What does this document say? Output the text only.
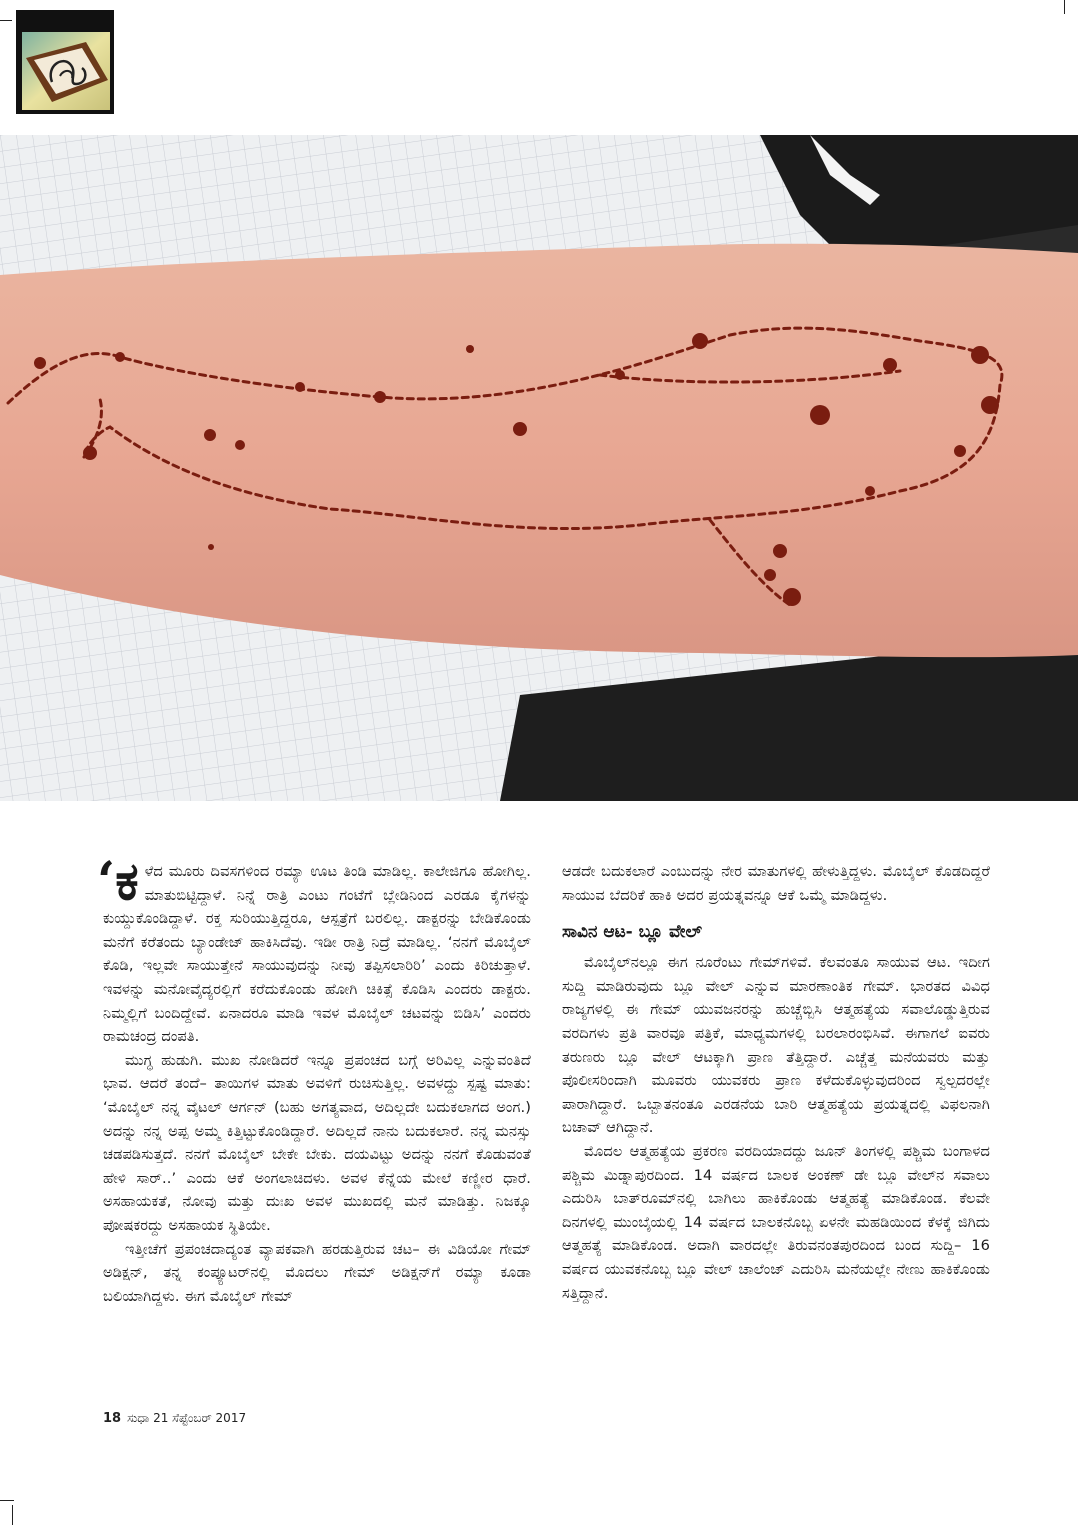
‘ಕಳೆದ ಮೂರು ದಿವಸಗಳಿಂದ ರಮ್ಯಾ ಊಟ ತಿಂಡಿ ಮಾಡಿಲ್ಲ. ಕಾಲೇಜಿಗೂ ಹೋಗಿಲ್ಲ. ಮಾತುಬಿಟ್ಟಿದ್ದಾಳೆ. ನಿನ್ನೆ ರಾತ್ರಿ ಎಂಟು ಗಂಟೆಗೆ ಬ್ಲೇಡಿನಿಂದ ಎರಡೂ ಕೈಗಳನ್ನು ಕುಯ್ದುಕೊಂಡಿದ್ದಾಳೆ. ರಕ್ತ ಸುರಿಯುತ್ತಿದ್ದರೂ, ಆಸ್ಪತ್ರೆಗೆ ಬರಲಿಲ್ಲ. ಡಾಕ್ಟರನ್ನು ಬೇಡಿಕೊಂಡು ಮನೆಗೆ ಕರೆತಂದು ಬ್ಯಾಂಡೇಜ್ ಹಾಕಿಸಿದೆವು. ಇಡೀ ರಾತ್ರಿ ನಿದ್ರೆ ಮಾಡಿಲ್ಲ. ‘ನನಗೆ ಮೊಬೈಲ್ ಕೊಡಿ, ಇಲ್ಲವೇ ಸಾಯುತ್ತೇನೆ ಸಾಯುವುದನ್ನು ನೀವು ತಪ್ಪಿಸಲಾರಿರಿ’ ಎಂದು ಕಿರಿಚುತ್ತಾಳೆ. ಇವಳನ್ನು ಮನೋವೈದ್ಯರಲ್ಲಿಗೆ ಕರೆದುಕೊಂಡು ಹೋಗಿ ಚಿಕಿತ್ಸೆ ಕೊಡಿಸಿ ಎಂದರು ಡಾಕ್ಟರು. ನಿಮ್ಮಲ್ಲಿಗೆ ಬಂದಿದ್ದೇವೆ. ಏನಾದರೂ ಮಾಡಿ ಇವಳ ಮೊಬೈಲ್ ಚಟವನ್ನು ಬಿಡಿಸಿ’ ಎಂದರು ರಾಮಚಂದ್ರ ದಂಪತಿ.

ಮುಗ್ಧ ಹುಡುಗಿ. ಮುಖ ನೋಡಿದರೆ ಇನ್ನೂ ಪ್ರಪಂಚದ ಬಗ್ಗೆ ಅರಿವಿಲ್ಲ ಎನ್ನುವಂತಿದೆ ಭಾವ. ಆದರೆ ತಂದೆ– ತಾಯಿಗಳ ಮಾತು ಅವಳಿಗೆ ರುಚಿಸುತ್ತಿಲ್ಲ. ಅವಳದ್ದು ಸ್ಪಷ್ಟ ಮಾತು: ‘ಮೊಬೈಲ್ ನನ್ನ ವೈಟಲ್ ಆರ್ಗನ್ (ಬಹು ಅಗತ್ಯವಾದ, ಅದಿಲ್ಲದೇ ಬದುಕಲಾಗದ ಅಂಗ.) ಅದನ್ನು ನನ್ನ ಅಪ್ಪ ಅಮ್ಮ ಕಿತ್ತಿಟ್ಟುಕೊಂಡಿದ್ದಾರೆ. ಅದಿಲ್ಲದೆ ನಾನು ಬದುಕಲಾರೆ. ನನ್ನ ಮನಸ್ಸು ಚಡಪಡಿಸುತ್ತದೆ. ನನಗೆ ಮೊಬೈಲ್ ಬೇಕೇ ಬೇಕು. ದಯವಿಟ್ಟು ಅದನ್ನು ನನಗೆ ಕೊಡುವಂತೆ ಹೇಳಿ ಸಾರ್..’ ಎಂದು ಆಕೆ ಅಂಗಲಾಚಿದಳು. ಅವಳ ಕೆನ್ನೆಯ ಮೇಲೆ ಕಣ್ಣೀರ ಧಾರೆ. ಅಸಹಾಯಕತೆ, ನೋವು ಮತ್ತು ದುಃಖ ಅವಳ ಮುಖದಲ್ಲಿ ಮನೆ ಮಾಡಿತ್ತು. ನಿಜಕ್ಕೂ ಪೋಷಕರದ್ದು ಅಸಹಾಯಕ ಸ್ಥಿತಿಯೇ.

ಇತ್ತೀಚೆಗೆ ಪ್ರಪಂಚದಾದ್ಯಂತ ವ್ಯಾಪಕವಾಗಿ ಹರಡುತ್ತಿರುವ ಚಟ– ಈ ವಿಡಿಯೋ ಗೇಮ್ ಅಡಿಕ್ಷನ್, ತನ್ನ ಕಂಪ್ಯೂಟರ್‌ನಲ್ಲಿ ಮೊದಲು ಗೇಮ್ ಅಡಿಕ್ಷನ್‌ಗೆ ರಮ್ಯಾ ಕೂಡಾ ಬಲಿಯಾಗಿದ್ದಳು. ಈಗ ಮೊಬೈಲ್ ಗೇಮ್

ಆಡದೇ ಬದುಕಲಾರೆ ಎಂಬುದನ್ನು ನೇರ ಮಾತುಗಳಲ್ಲಿ ಹೇಳುತ್ತಿದ್ದಳು. ಮೊಬೈಲ್ ಕೊಡದಿದ್ದರೆ ಸಾಯುವ ಬೆದರಿಕೆ ಹಾಕಿ ಅದರ ಪ್ರಯತ್ನವನ್ನೂ ಆಕೆ ಒಮ್ಮೆ ಮಾಡಿದ್ದಳು.

ಸಾವಿನ ಆಟ- ಬ್ಲೂ ವೇಲ್

ಮೊಬೈಲ್‌ನಲ್ಲೂ ಈಗ ನೂರೆಂಟು ಗೇಮ್‌ಗಳಿವೆ. ಕೆಲವಂತೂ ಸಾಯುವ ಆಟ. ಇದೀಗ ಸುದ್ದಿ ಮಾಡಿರುವುದು ಬ್ಲೂ ವೇಲ್ ಎನ್ನುವ ಮಾರಣಾಂತಿಕ ಗೇಮ್. ಭಾರತದ ವಿವಿಧ ರಾಜ್ಯಗಳಲ್ಲಿ ಈ ಗೇಮ್ ಯುವಜನರನ್ನು ಹುಚ್ಚೆಬ್ಬಿಸಿ ಆತ್ಮಹತ್ಯೆಯ ಸವಾಲೊಡ್ಡುತ್ತಿರುವ ವರದಿಗಳು ಪ್ರತಿ ವಾರವೂ ಪತ್ರಿಕೆ, ಮಾಧ್ಯಮಗಳಲ್ಲಿ ಬರಲಾರಂಭಿಸಿವೆ. ಈಗಾಗಲೆ ಐವರು ತರುಣರು ಬ್ಲೂ ವೇಲ್ ಆಟಕ್ಕಾಗಿ ಪ್ರಾಣ ತೆತ್ತಿದ್ದಾರೆ. ಎಚ್ಚೆತ್ತ ಮನೆಯವರು ಮತ್ತು ಪೊಲೀಸರಿಂದಾಗಿ ಮೂವರು ಯುವಕರು ಪ್ರಾಣ ಕಳೆದುಕೊಳ್ಳುವುದರಿಂದ ಸ್ವಲ್ಪದರಲ್ಲೇ ಪಾರಾಗಿದ್ದಾರೆ. ಒಬ್ಬಾತನಂತೂ ಎರಡನೆಯ ಬಾರಿ ಆತ್ಮಹತ್ಯೆಯ ಪ್ರಯತ್ನದಲ್ಲಿ ವಿಫಲನಾಗಿ ಬಚಾವ್ ಆಗಿದ್ದಾನೆ.

ಮೊದಲ ಆತ್ಮಹತ್ಯೆಯ ಪ್ರಕರಣ ವರದಿಯಾದದ್ದು ಜೂನ್ ತಿಂಗಳಲ್ಲಿ ಪಶ್ಚಿಮ ಬಂಗಾಳದ ಪಶ್ಚಿಮ ಮಿಡ್ನಾಪುರದಿಂದ. 14 ವರ್ಷದ ಬಾಲಕ ಅಂಕಣ್ ಡೇ ಬ್ಲೂ ವೇಲ್‌ನ ಸವಾಲು ಎದುರಿಸಿ ಬಾತ್‌ರೂಮ್‌ನಲ್ಲಿ ಬಾಗಿಲು ಹಾಕಿಕೊಂಡು ಆತ್ಮಹತ್ಯೆ ಮಾಡಿಕೊಂಡ. ಕೆಲವೇ ದಿನಗಳಲ್ಲಿ ಮುಂಬೈಯಲ್ಲಿ 14 ವರ್ಷದ ಬಾಲಕನೊಬ್ಬ ಏಳನೇ ಮಹಡಿಯಿಂದ ಕೆಳಕ್ಕೆ ಜಿಗಿದು ಆತ್ಮಹತ್ಯೆ ಮಾಡಿಕೊಂಡ. ಅದಾಗಿ ವಾರದಲ್ಲೇ ತಿರುವನಂತಪುರದಿಂದ ಬಂದ ಸುದ್ದಿ– 16 ವರ್ಷದ ಯುವಕನೊಬ್ಬ ಬ್ಲೂ ವೇಲ್ ಚಾಲೆಂಜ್ ಎದುರಿಸಿ ಮನೆಯಲ್ಲೇ ನೇಣು ಹಾಕಿಕೊಂಡು ಸತ್ತಿದ್ದಾನೆ.

18 ಸುಧಾ 21 ಸೆಪ್ಟೆಂಬರ್ 2017
